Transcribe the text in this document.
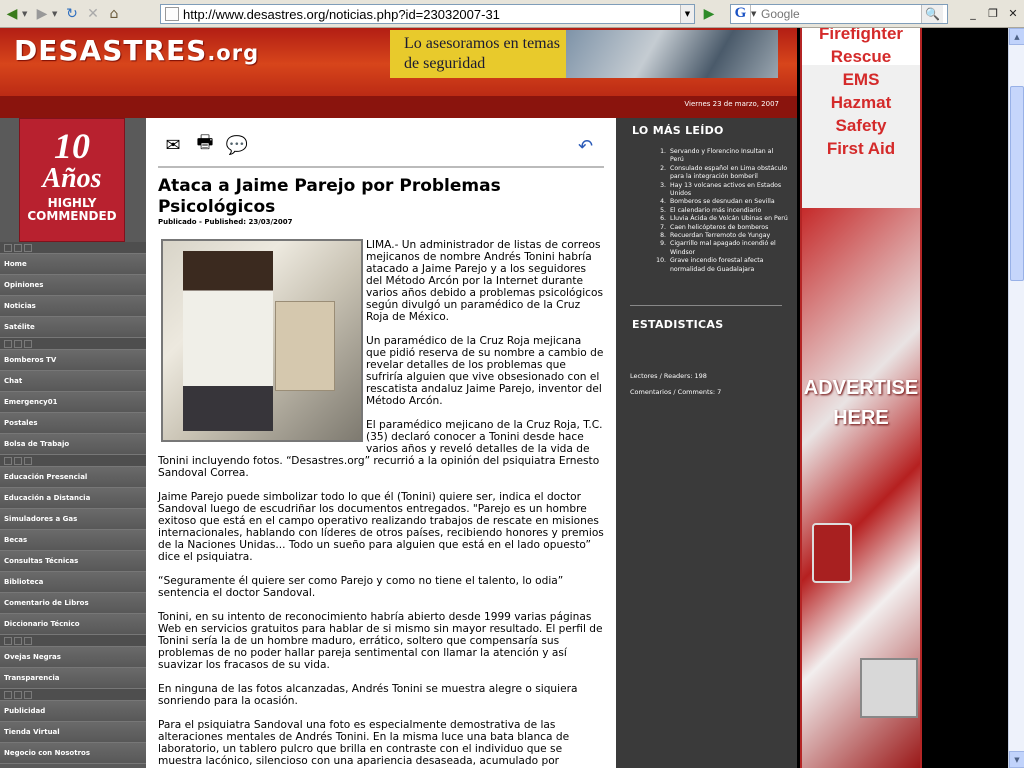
◀ ▼ ▶ ▼ ↻ ✕ ⌂	http://www.desastres.org/noticias.php?id=23032007-31	▼ ▶	G ▼
Google	🔍	_	❐ ✕
DESASTRES.org	Lo asesoramos en temas de seguridad
Viernes 23 de marzo, 2007
10
Años
HIGHLY
COMMENDED
Home
Opiniones
Noticias
Satélite
Bomberos TV
Chat
Emergency01
Postales
Bolsa de Trabajo
Educación Presencial
Educación a Distancia
Simuladores a Gas
Becas
Consultas Técnicas
Biblioteca
Comentario de Libros
Diccionario Técnico
Ovejas Negras
Transparencia
Publicidad
Tienda Virtual
Negocio con Nosotros
✉ 🖶 💬	↶
Ataca a Jaime Parejo por Problemas Psicológicos
Publicado - Published: 23/03/2007

LIMA.- Un administrador de listas de correos mejicanos de nombre Andrés Tonini habría atacado a Jaime Parejo y a los seguidores del Método Arcón por la Internet durante varios años debido a problemas psicológicos según divulgó un paramédico de la Cruz Roja de México.

Un paramédico de la Cruz Roja mejicana que pidió reserva de su nombre a cambio de revelar detalles de los problemas que sufriría alguien que vive obsesionado con el rescatista andaluz Jaime Parejo, inventor del Método Arcón.

El paramédico mejicano de la Cruz Roja, T.C. (35) declaró conocer a Tonini desde hace varios años y reveló detalles de la vida de Tonini incluyendo fotos. “Desastres.org” recurrió a la opinión del psiquiatra Ernesto Sandoval Correa.

Jaime Parejo puede simbolizar todo lo que él (Tonini) quiere ser, indica el doctor Sandoval luego de escudriñar los documentos entregados. "Parejo es un hombre exitoso que está en el campo operativo realizando trabajos de rescate en misiones internacionales, hablando con líderes de otros países, recibiendo honores y premios de la Naciones Unidas... Todo un sueño para alguien que está en el lado opuesto” dice el psiquiatra.

“Seguramente él quiere ser como Parejo y como no tiene el talento, lo odia” sentencia el doctor Sandoval.

Tonini, en su intento de reconocimiento habría abierto desde 1999 varias páginas Web en servicios gratuitos para hablar de si mismo sin mayor resultado. El perfil de Tonini sería la de un hombre maduro, errático, soltero que compensaría sus problemas de no poder hallar pareja sentimental con llamar la atención y así suavizar los fracasos de su vida.

En ninguna de las fotos alcanzadas, Andrés Tonini se muestra alegre o siquiera sonriendo para la ocasión.

Para el psiquiatra Sandoval una foto es especialmente demostrativa de las alteraciones mentales de Andrés Tonini. En la misma luce una bata blanca de laboratorio, un tablero pulcro que brilla en contraste con el individuo que se muestra lacónico, silencioso con una apariencia desaseada, acumulado por

LO MÁS LEÍDO
1. Servando y Florencino Insultan al Perú
2. Consulado español en Lima obstáculo para la integración bomberil
3. Hay 13 volcanes activos en Estados Unidos
4. Bomberos se desnudan en Sevilla
5. El calendario más incendiario
6. Lluvia Ácida de Volcán Ubinas en Perú
7. Caen helicópteros de bomberos
8. Recuerdan Terremoto de Yungay
9. Cigarrillo mal apagado incendió el Windsor
10. Grave incendio forestal afecta normalidad de Guadalajara
ESTADISTICAS
Lectores / Readers: 198
Comentarios / Comments: 7
Firefighter
Rescue
EMS
Hazmat
Safety
First Aid
ADVERTISE
HERE
▲
▼
